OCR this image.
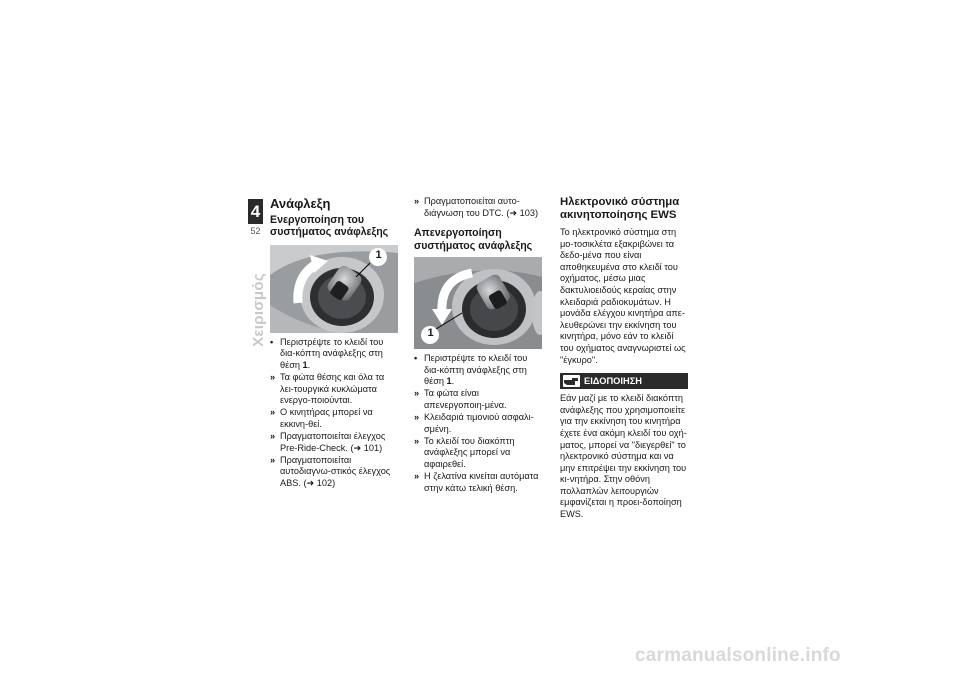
4
52
Χειρισμός
Ανάφλεξη
Ενεργοποίηση του
συστήματος ανάφλεξης
1
• Περιστρέψτε το κλειδί του δια-κόπτη ανάφλεξης στη θέση 1.
» Τα φώτα θέσης και όλα τα λει-τουργικά κυκλώματα ενεργο-ποιούνται.
» Ο κινητήρας μπορεί να εκκινη-θεί.
» Πραγματοποιείται έλεγχος Pre-Ride-Check. (➜ 101)
» Πραγματοποιείται αυτοδιαγνω-στικός έλεγχος ABS. (➜ 102)
» Πραγματοποιείται αυτο-διάγνωση του DTC. (➜ 103)
Απενεργοποίηση
συστήματος ανάφλεξης
1
• Περιστρέψτε το κλειδί του δια-κόπτη ανάφλεξης στη θέση 1.
» Τα φώτα είναι απενεργοποιη-μένα.
» Κλειδαριά τιμονιού ασφαλι-σμένη.
» Το κλειδί του διακόπτη ανάφλεξης μπορεί να αφαιρεθεί.
» Η ζελατίνα κινείται αυτόματα στην κάτω τελική θέση.
Ηλεκτρονικό σύστημα
ακινητοποίησης EWS

Το ηλεκτρονικό σύστημα στη μο-τοσικλέτα εξακριβώνει τα δεδο-μένα που είναι αποθηκευμένα στο κλειδί του οχήματος, μέσω μιας δακτυλιοειδούς κεραίας στην κλειδαριά ραδιοκυμάτων. Η μονάδα ελέγχου κινητήρα απε-λευθερώνει την εκκίνηση του κινητήρα, μόνο εάν το κλειδί του οχήματος αναγνωριστεί ως "έγκυρο".

ΕΙΔΟΠΟΙΗΣΗ

Εάν μαζί με το κλειδί διακόπτη ανάφλεξης που χρησιμοποιείτε για την εκκίνηση του κινητήρα έχετε ένα ακόμη κλειδί του οχή-ματος, μπορεί να "διεγερθεί" το ηλεκτρονικό σύστημα και να μην επιτρέψει την εκκίνηση του κι-νητήρα. Στην οθόνη πολλαπλών λειτουργιών εμφανίζεται η προει-δοποίηση EWS.

carmanualsonline.info
